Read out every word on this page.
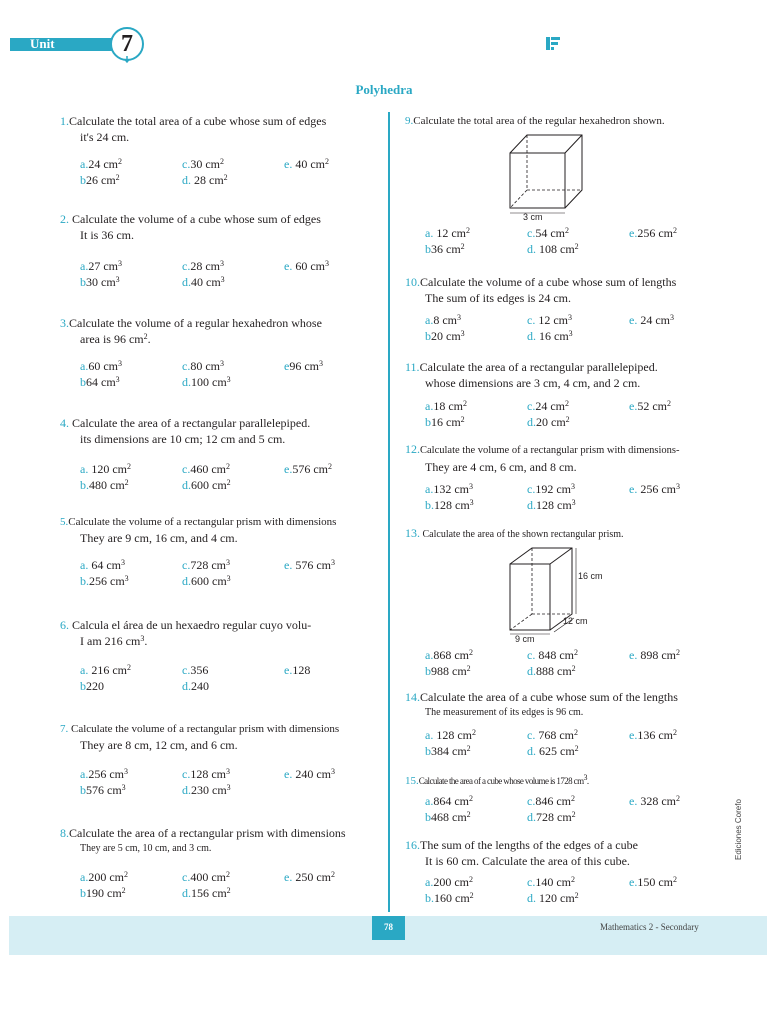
Unit	7
Polyhedra
1.Calculate the total area of a cube whose sum of edges
it's 24 cm.
a.24 $cm^2$	c.30 $cm^2$	e. 40 $cm^2$
b26 $cm^2$	d. 28 $cm^2$
2. Calculate the volume of a cube whose sum of edges
It is 36 cm.
a.27 $cm^3$	c.28 $cm^3$	e. 60 $cm^3$
b30 $cm^3$	d.40 $cm^3$
3.Calculate the volume of a regular hexahedron whose
area is 96 $cm^2$.
a.60 $cm^3$	c.80 $cm^3$	e96 $cm^3$
b64 $cm^3$	d.100 $cm^3$
4. Calculate the area of a rectangular parallelepiped.
its dimensions are 10 cm; 12 cm and 5 cm.
a. 120 $cm^2$	c.460 $cm^2$	e.576 $cm^2$
b.480 $cm^2$	d.600 $cm^2$
5.Calculate the volume of a rectangular prism with dimensions
They are 9 cm, 16 cm, and 4 cm.
a. 64 $cm^3$	c.728 $cm^3$	e. 576 $cm^3$
b.256 $cm^3$	d.600 $cm^3$
6. Calcula el área de un hexaedro regular cuyo volu-
I am 216 $cm^3$.
a. 216 $cm^2$	c.356	e.128
b220	d.240
7. Calculate the volume of a rectangular prism with dimensions
They are 8 cm, 12 cm, and 6 cm.
a.256 $cm^3$	c.128 $cm^3$	e. 240 $cm^3$
b576 $cm^3$	d.230 $cm^3$
8.Calculate the area of a rectangular prism with dimensions
They are 5 cm, 10 cm, and 3 cm.
a.200 $cm^2$	c.400 $cm^2$	e. 250 $cm^2$
b190 $cm^2$	d.156 $cm^2$
9.Calculate the total area of the regular hexahedron shown.
3 cm
a. 12 $cm^2$	c.54 $cm^2$	e.256 $cm^2$
b36 $cm^2$	d. 108 $cm^2$
10.Calculate the volume of a cube whose sum of lengths
The sum of its edges is 24 cm.
a.8 $cm^3$	c. 12 $cm^3$	e. 24 $cm^3$
b20 $cm^3$	d. 16 $cm^3$
11.Calculate the area of a rectangular parallelepiped.
whose dimensions are 3 cm, 4 cm, and 2 cm.
a.18 $cm^2$	c.24 $cm^2$	e.52 $cm^2$
b16 $cm^2$	d.20 $cm^2$
12.Calculate the volume of a rectangular prism with dimensions-
They are 4 cm, 6 cm, and 8 cm.
a.132 $cm^3$	c.192 $cm^3$	e. 256 $cm^3$
b.128 $cm^3$	d.128 $cm^3$
13. Calculate the area of the shown rectangular prism.
16 cm
12 cm
9 cm
a.868 $cm^2$	c. 848 $cm^2$	e. 898 $cm^2$
b988 $cm^2$	d.888 $cm^2$
14.Calculate the area of a cube whose sum of the lengths
The measurement of its edges is 96 cm.
a. 128 $cm^2$	c. 768 $cm^2$	e.136 $cm^2$
b384 $cm^2$	d. 625 $cm^2$
15.Calculate the area of a cube whose volume is 1728 $cm^3$.
a.864 $cm^2$	c.846 $cm^2$	e. 328 $cm^2$
b468 $cm^2$	d.728 $cm^2$
16.The sum of the lengths of the edges of a cube
It is 60 cm. Calculate the area of this cube.
a.200 $cm^2$	c.140 $cm^2$	e.150 $cm^2$
b.160 $cm^2$	d. 120 $cm^2$
Ediciones Corefo
78	Mathematics 2 - Secondary
